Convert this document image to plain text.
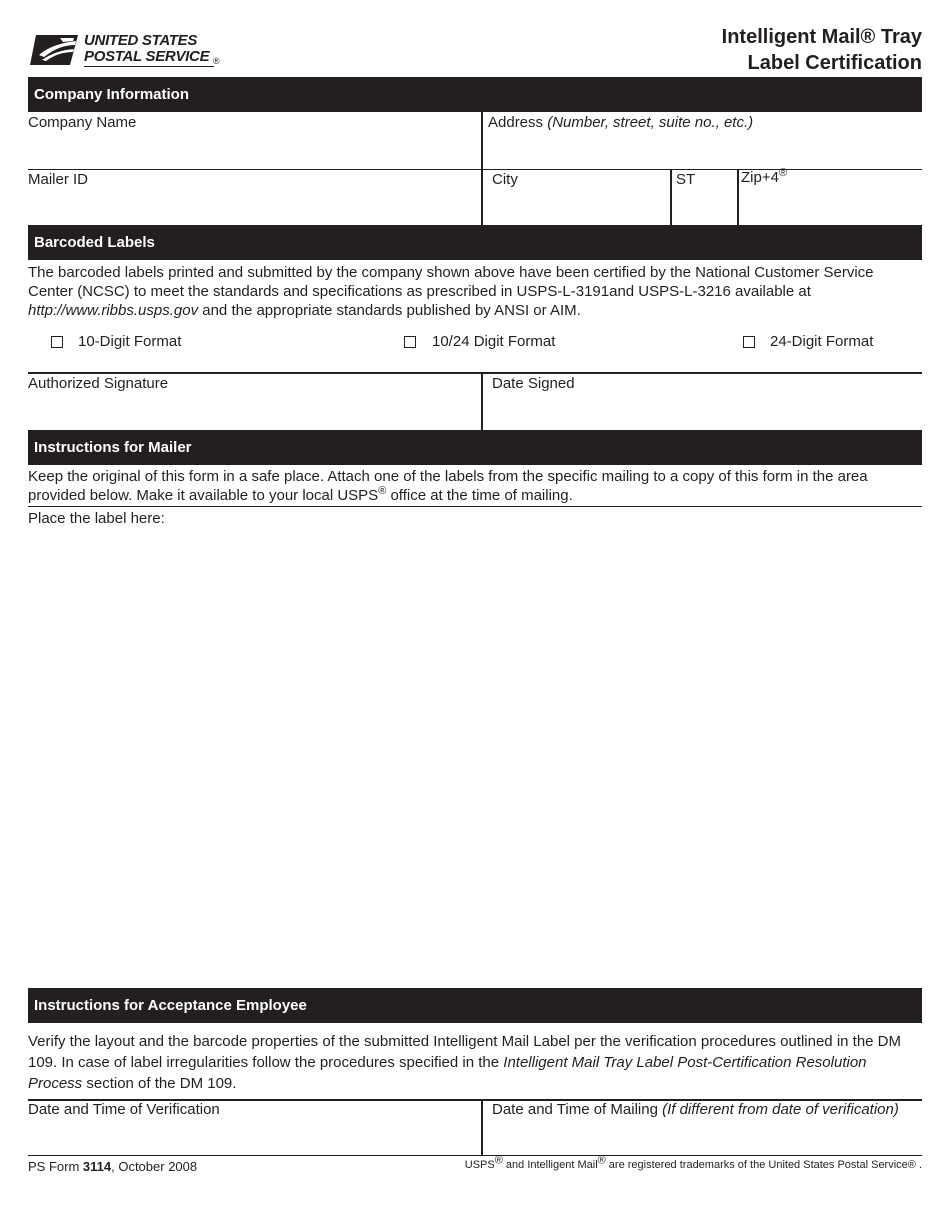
UNITED STATES
POSTAL SERVICE ®
Intelligent Mail® Tray
Label Certification
Company Information
Company Name	Address (Number, street, suite no., etc.)
Mailer ID	City	ST	Zip+4®
Barcoded Labels
The barcoded labels printed and submitted by the company shown above have been certified by the National Customer Service Center (NCSC) to meet the standards and specifications as prescribed in USPS-L-3191and USPS-L-3216 available at http://www.ribbs.usps.gov and the appropriate standards published by ANSI or AIM.
10-Digit Format	10/24 Digit Format	24-Digit Format
Authorized Signature	Date Signed
Instructions for Mailer
Keep the original of this form in a safe place. Attach one of the labels from the specific mailing to a copy of this form in the area provided below. Make it available to your local USPS® office at the time of mailing.
Place the label here:
Instructions for Acceptance Employee
Verify the layout and the barcode properties of the submitted Intelligent Mail Label per the verification procedures outlined in the DM 109. In case of label irregularities follow the procedures specified in the Intelligent Mail Tray Label Post-Certification Resolution Process section of the DM 109.
Date and Time of Verification	Date and Time of Mailing (If different from date of verification)
PS Form 3114, October 2008	USPS® and Intelligent Mail® are registered trademarks of the United States Postal Service® .
